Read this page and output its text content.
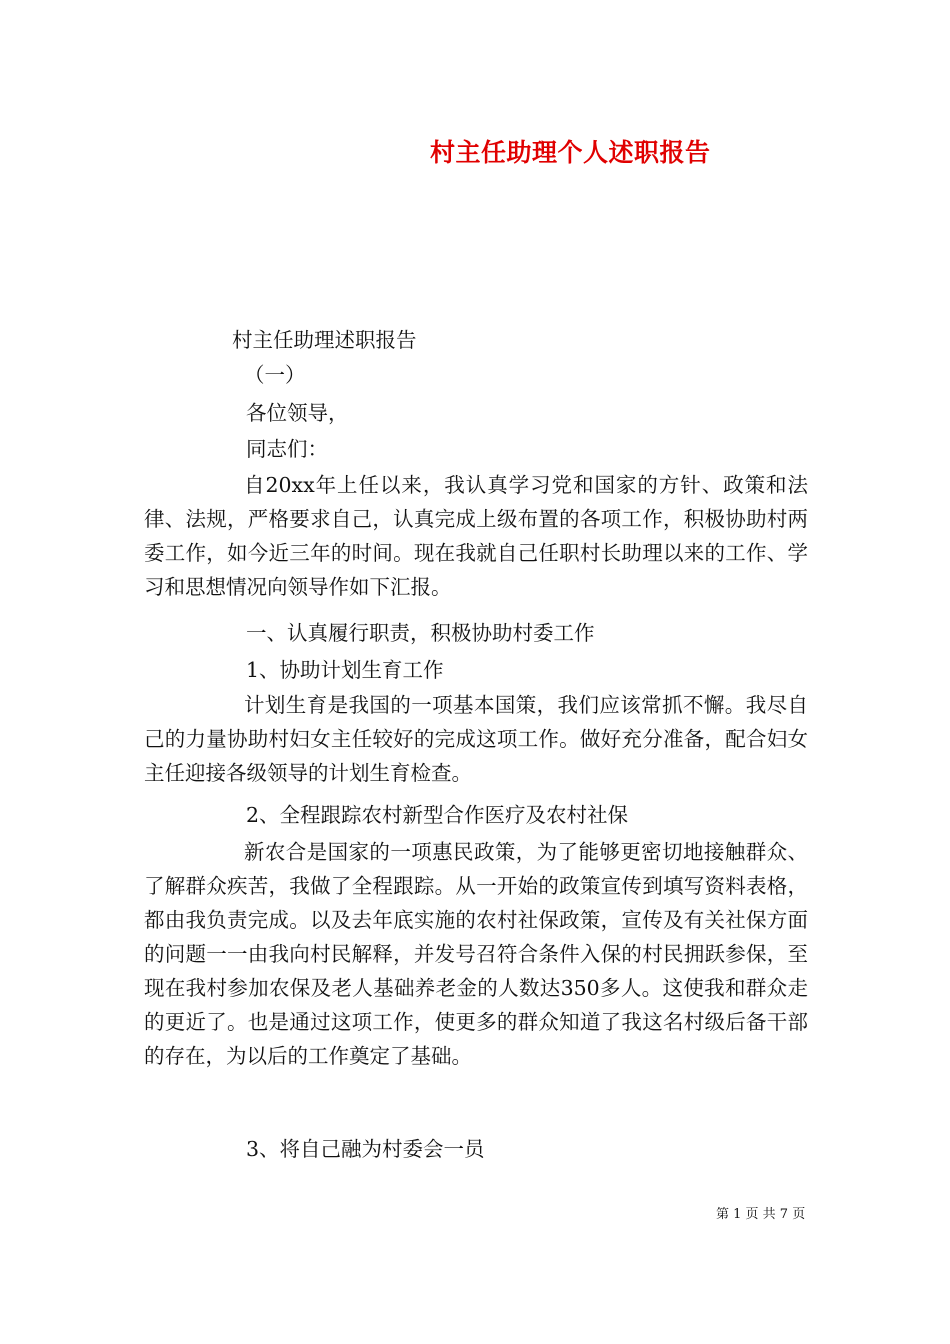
村主任助理个人述职报告
村主任助理述职报告
（一）
各位领导，
同志们：

自20xx年上任以来，我认真学习党和国家的方针、政策和法律、法规，严格要求自己，认真完成上级布置的各项工作，积极协助村两委工作，如今近三年的时间。现在我就自己任职村长助理以来的工作、学习和思想情况向领导作如下汇报。

一、认真履行职责，积极协助村委工作
1、协助计划生育工作

计划生育是我国的一项基本国策，我们应该常抓不懈。我尽自己的力量协助村妇女主任较好的完成这项工作。做好充分准备，配合妇女主任迎接各级领导的计划生育检查。

2、全程跟踪农村新型合作医疗及农村社保

新农合是国家的一项惠民政策，为了能够更密切地接触群众、了解群众疾苦，我做了全程跟踪。从一开始的政策宣传到填写资料表格，都由我负责完成。以及去年底实施的农村社保政策，宣传及有关社保方面的问题一一由我向村民解释，并发号召符合条件入保的村民拥跃参保，至现在我村参加农保及老人基础养老金的人数达350多人。这使我和群众走的更近了。也是通过这项工作，使更多的群众知道了我这名村级后备干部的存在，为以后的工作奠定了基础。

3、将自己融为村委会一员
第 1 页 共 7 页
